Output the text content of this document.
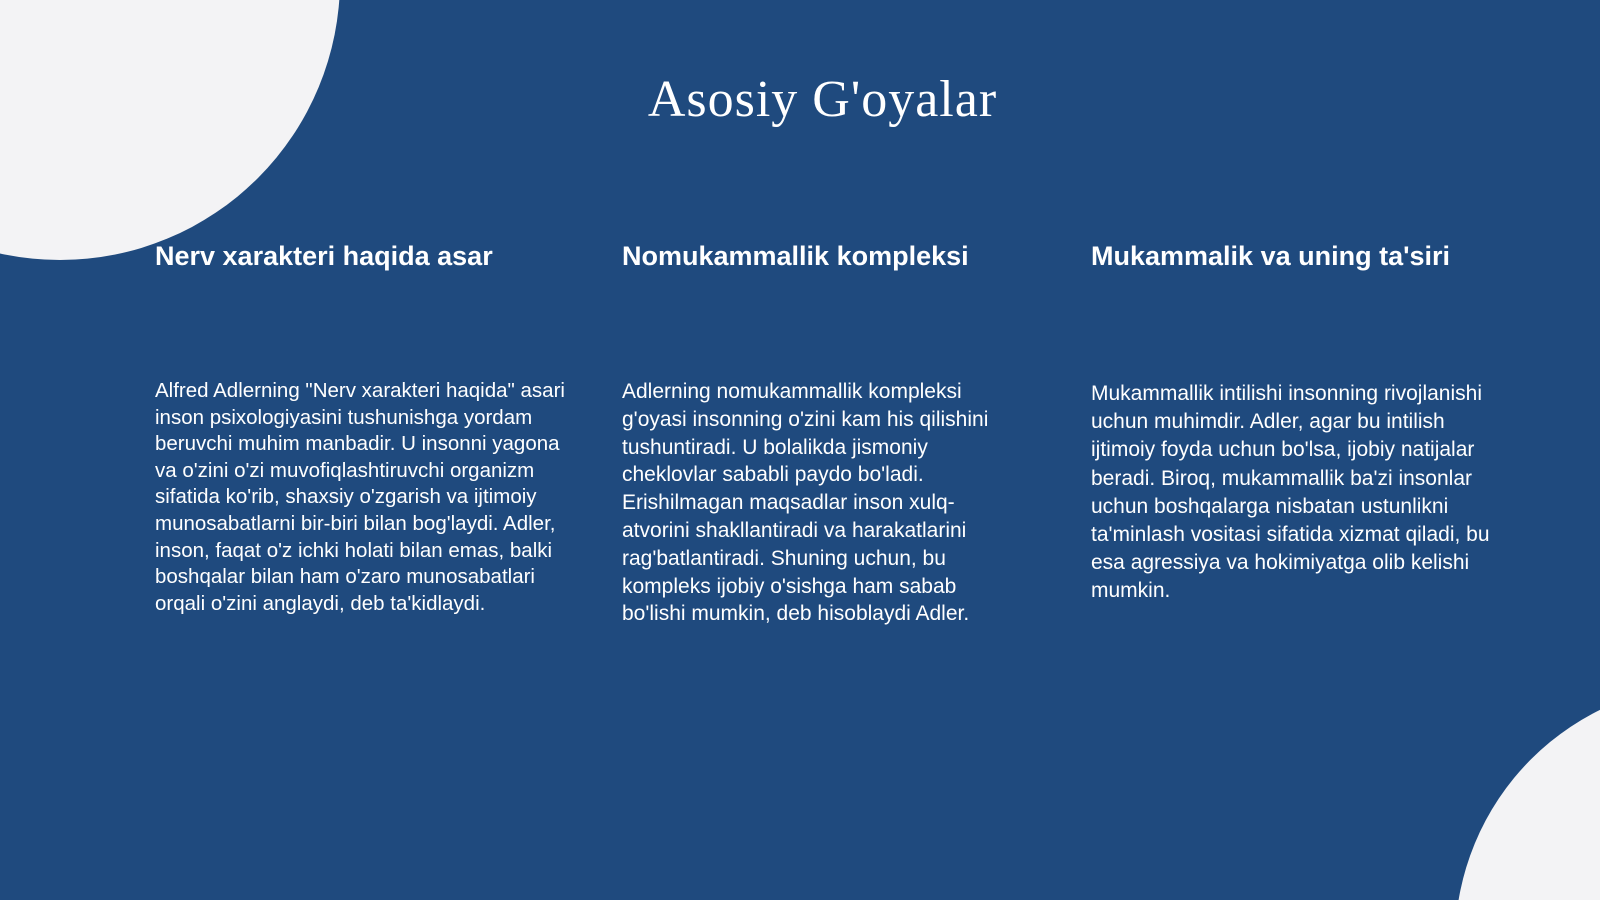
Asosiy G'oyalar
Nerv xarakteri haqida asar

Alfred Adlerning "Nerv xarakteri haqida" asari inson psixologiyasini tushunishga yordam beruvchi muhim manbadir. U insonni yagona va o'zini o'zi muvofiqlashtiruvchi organizm sifatida ko'rib, shaxsiy o'zgarish va ijtimoiy munosabatlarni bir-biri bilan bog'laydi. Adler, inson, faqat o'z ichki holati bilan emas, balki boshqalar bilan ham o'zaro munosabatlari orqali o'zini anglaydi, deb ta'kidlaydi.

Nomukammallik kompleksi

Adlerning nomukammallik kompleksi g'oyasi insonning o'zini kam his qilishini tushuntiradi. U bolalikda jismoniy cheklovlar sababli paydo bo'ladi. Erishilmagan maqsadlar inson xulq-atvorini shakllantiradi va harakatlarini rag'batlantiradi. Shuning uchun, bu kompleks ijobiy o'sishga ham sabab bo'lishi mumkin, deb hisoblaydi Adler.

Mukammalik va uning ta'siri

Mukammallik intilishi insonning rivojlanishi uchun muhimdir. Adler, agar bu intilish ijtimoiy foyda uchun bo'lsa, ijobiy natijalar beradi. Biroq, mukammallik ba'zi insonlar uchun boshqalarga nisbatan ustunlikni ta'minlash vositasi sifatida xizmat qiladi, bu esa agressiya va hokimiyatga olib kelishi mumkin.
